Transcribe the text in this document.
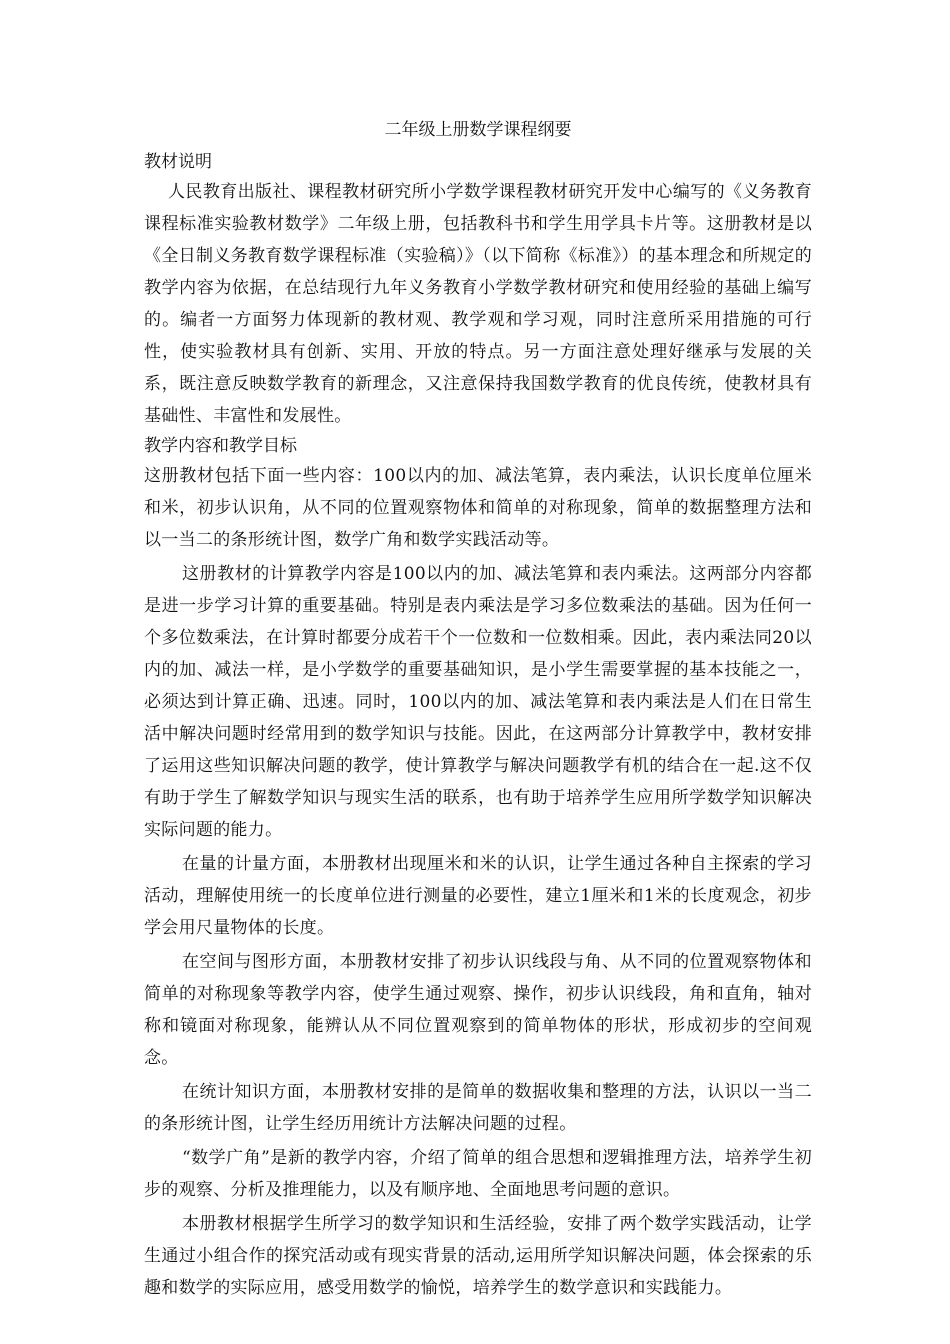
二年级上册数学课程纲要

教材说明

人民教育出版社、课程教材研究所小学数学课程教材研究开发中心编写的《义务教育课程标准实验教材数学》二年级上册，包括教科书和学生用学具卡片等。这册教材是以《全日制义务教育数学课程标准（实验稿）》（以下简称《标准》）的基本理念和所规定的教学内容为依据，在总结现行九年义务教育小学数学教材研究和使用经验的基础上编写的。编者一方面努力体现新的教材观、教学观和学习观，同时注意所采用措施的可行性，使实验教材具有创新、实用、开放的特点。另一方面注意处理好继承与发展的关系，既注意反映数学教育的新理念，又注意保持我国数学教育的优良传统，使教材具有基础性、丰富性和发展性。

教学内容和教学目标

这册教材包括下面一些内容：100以内的加、减法笔算，表内乘法，认识长度单位厘米和米，初步认识角，从不同的位置观察物体和简单的对称现象，简单的数据整理方法和以一当二的条形统计图，数学广角和数学实践活动等。

这册教材的计算教学内容是100以内的加、减法笔算和表内乘法。这两部分内容都是进一步学习计算的重要基础。特别是表内乘法是学习多位数乘法的基础。因为任何一个多位数乘法，在计算时都要分成若干个一位数和一位数相乘。因此，表内乘法同20以内的加、减法一样，是小学数学的重要基础知识，是小学生需要掌握的基本技能之一，必须达到计算正确、迅速。同时，100以内的加、减法笔算和表内乘法是人们在日常生活中解决问题时经常用到的数学知识与技能。因此，在这两部分计算教学中，教材安排了运用这些知识解决问题的教学，使计算教学与解决问题教学有机的结合在一起.这不仅有助于学生了解数学知识与现实生活的联系，也有助于培养学生应用所学数学知识解决实际问题的能力。

在量的计量方面，本册教材出现厘米和米的认识，让学生通过各种自主探索的学习活动，理解使用统一的长度单位进行测量的必要性，建立1厘米和1米的长度观念，初步学会用尺量物体的长度。

在空间与图形方面，本册教材安排了初步认识线段与角、从不同的位置观察物体和简单的对称现象等教学内容，使学生通过观察、操作，初步认识线段，角和直角，轴对称和镜面对称现象，能辨认从不同位置观察到的简单物体的形状，形成初步的空间观念。

在统计知识方面，本册教材安排的是简单的数据收集和整理的方法，认识以一当二的条形统计图，让学生经历用统计方法解决问题的过程。

“数学广角”是新的教学内容，介绍了简单的组合思想和逻辑推理方法，培养学生初步的观察、分析及推理能力，以及有顺序地、全面地思考问题的意识。

本册教材根据学生所学习的数学知识和生活经验，安排了两个数学实践活动，让学生通过小组合作的探究活动或有现实背景的活动,运用所学知识解决问题，体会探索的乐趣和数学的实际应用，感受用数学的愉悦，培养学生的数学意识和实践能力。
